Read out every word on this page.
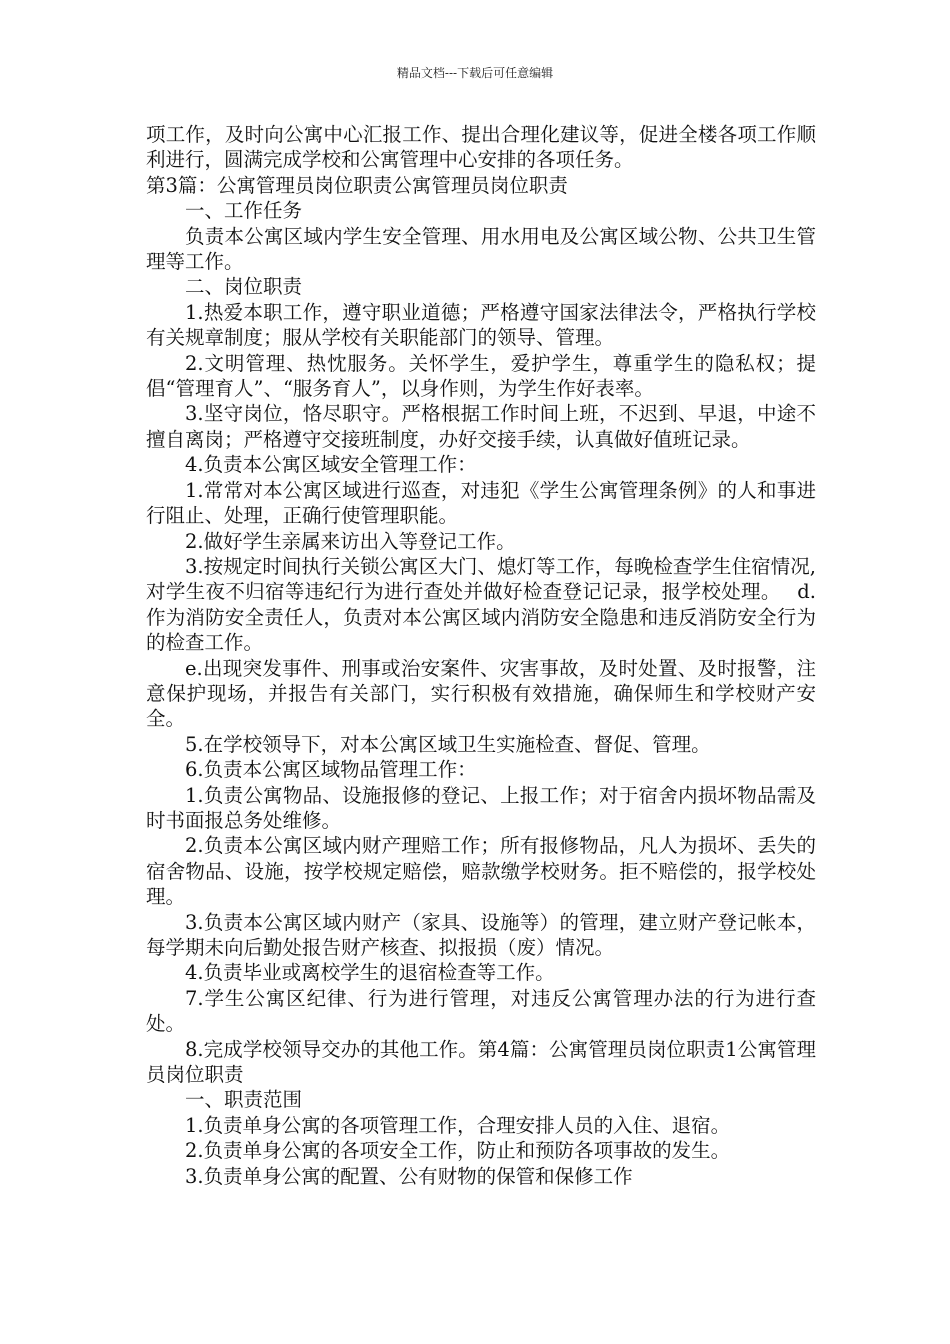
精品文档---下载后可任意编辑

项工作，及时向公寓中心汇报工作、提出合理化建议等，促进全楼各项工作顺利进行，圆满完成学校和公寓管理中心安排的各项任务。

第3篇：公寓管理员岗位职责公寓管理员岗位职责

一、工作任务

负责本公寓区域内学生安全管理、用水用电及公寓区域公物、公共卫生管理等工作。

二、岗位职责

1.热爱本职工作，遵守职业道德；严格遵守国家法律法令，严格执行学校有关规章制度；服从学校有关职能部门的领导、管理。

2.文明管理、热忱服务。关怀学生，爱护学生，尊重学生的隐私权；提倡“管理育人”、“服务育人”，以身作则，为学生作好表率。

3.坚守岗位，恪尽职守。严格根据工作时间上班，不迟到、早退，中途不擅自离岗；严格遵守交接班制度，办好交接手续，认真做好值班记录。

4.负责本公寓区域安全管理工作：

1.常常对本公寓区域进行巡查，对违犯《学生公寓管理条例》的人和事进行阻止、处理，正确行使管理职能。

2.做好学生亲属来访出入等登记工作。

3.按规定时间执行关锁公寓区大门、熄灯等工作，每晚检查学生住宿情况,对学生夜不归宿等违纪行为进行查处并做好检查登记记录，报学校处理。　 d.作为消防安全责任人，负责对本公寓区域内消防安全隐患和违反消防安全行为的检查工作。

e.出现突发事件、刑事或治安案件、灾害事故，及时处置、及时报警，注意保护现场，并报告有关部门，实行积极有效措施，确保师生和学校财产安全。

5.在学校领导下，对本公寓区域卫生实施检查、督促、管理。

6.负责本公寓区域物品管理工作：

1.负责公寓物品、设施报修的登记、上报工作；对于宿舍内损坏物品需及时书面报总务处维修。

2.负责本公寓区域内财产理赔工作；所有报修物品，凡人为损坏、丢失的宿舍物品、设施，按学校规定赔偿，赔款缴学校财务。拒不赔偿的，报学校处理。

3.负责本公寓区域内财产（家具、设施等）的管理，建立财产登记帐本，每学期未向后勤处报告财产核查、拟报损（废）情况。

4.负责毕业或离校学生的退宿检查等工作。

7.学生公寓区纪律、行为进行管理，对违反公寓管理办法的行为进行查处。

8.完成学校领导交办的其他工作。第4篇：公寓管理员岗位职责1公寓管理员岗位职责

一、职责范围

1.负责单身公寓的各项管理工作，合理安排人员的入住、退宿。

2.负责单身公寓的各项安全工作，防止和预防各项事故的发生。

3.负责单身公寓的配置、公有财物的保管和保修工作
